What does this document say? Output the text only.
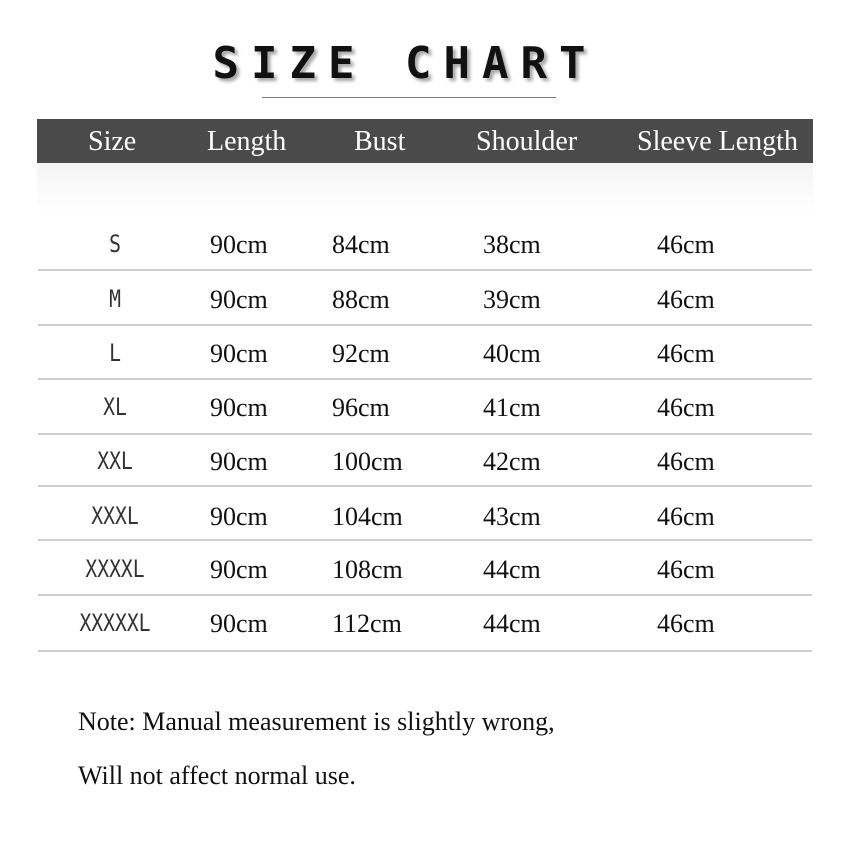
SIZE CHART
Size	Length Bust	Shoulder Sleeve Length
S	90cm 84cm	38cm	46cm
M	90cm 88cm	39cm	46cm
L	90cm 92cm	40cm	46cm
XL	90cm 96cm	41cm	46cm
XXL	90cm 100cm	42cm	46cm
XXXL	90cm 104cm	43cm	46cm
XXXXL	90cm 108cm	44cm	46cm
XXXXXL	90cm 112cm	44cm	46cm
Note: Manual measurement is slightly wrong,
Will not affect normal use.
